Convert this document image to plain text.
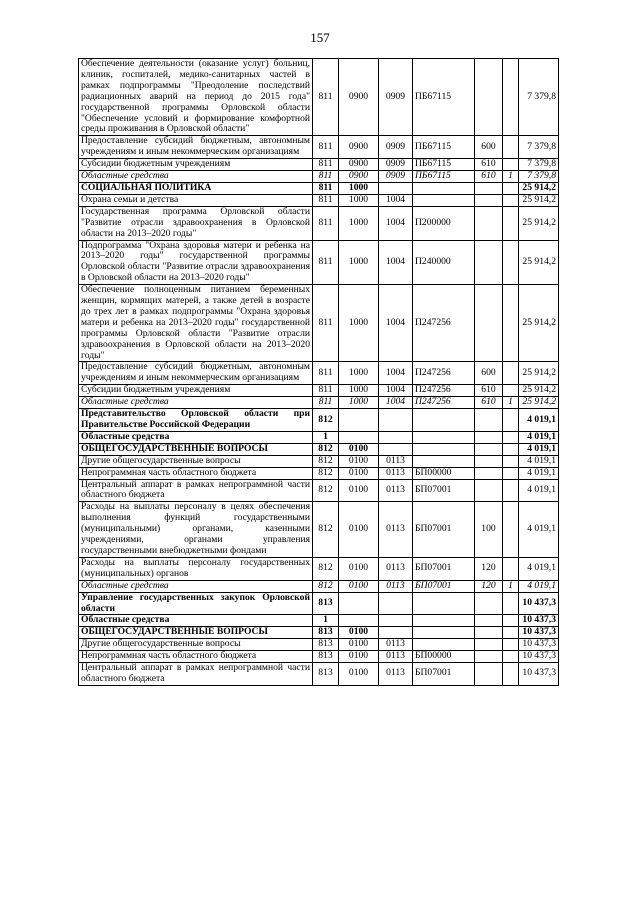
157
Обеспечение деятельности (оказание услуг) больниц, клиник, госпиталей, медико-санитарных частей в рамках подпрограммы "Преодоление последствий радиационных аварий на период до 2015 года" государственной программы Орловской области "Обеспечение условий и формирование комфортной среды проживания в Орловской области"	811	0900	0909	ПБ67115			7 379,8
Предоставление субсидий бюджетным, автономным учреждениям и иным некоммерческим организациям	811	0900	0909	ПБ67115	600		7 379,8
Субсидии бюджетным учреждениям	811	0900	0909	ПБ67115	610		7 379,8
Областные средства	811	0900	0909	ПБ67115	610	1	7 379,8
СОЦИАЛЬНАЯ ПОЛИТИКА	811	1000					25 914,2
Охрана семьи и детства	811	1000	1004				25 914,2
Государственная программа Орловской области "Развитие отрасли здравоохранения в Орловской области на 2013–2020 годы"	811	1000	1004	П200000			25 914,2
Подпрограмма "Охрана здоровья матери и ребенка на 2013–2020 годы" государственной программы Орловской области "Развитие отрасли здравоохранения в Орловской области на 2013–2020 годы"	811	1000	1004	П240000			25 914,2
Обеспечение полноценным питанием беременных женщин, кормящих матерей, а также детей в возрасте до трех лет в рамках подпрограммы "Охрана здоровья матери и ребенка на 2013–2020 годы" государственной программы Орловской области "Развитие отрасли здравоохранения в Орловской области на 2013–2020 годы"	811	1000	1004	П247256			25 914,2
Предоставление субсидий бюджетным, автономным учреждениям и иным некоммерческим организациям	811	1000	1004	П247256	600		25 914,2
Субсидии бюджетным учреждениям	811	1000	1004	П247256	610		25 914,2
Областные средства	811	1000	1004	П247256	610	1	25 914,2
Представительство Орловской области при Правительстве Российской Федерации	812						4 019,1
Областные средства	1						4 019,1
ОБЩЕГОСУДАРСТВЕННЫЕ ВОПРОСЫ	812	0100					4 019,1
Другие общегосударственные вопросы	812	0100	0113				4 019,1
Непрограммная часть областного бюджета	812	0100	0113	БП00000			4 019,1
Центральный аппарат в рамках непрограммной части областного бюджета	812	0100	0113	БП07001			4 019,1
Расходы на выплаты персоналу в целях обеспечения выполнения функций государственными (муниципальными) органами, казенными учреждениями, органами управления государственными внебюджетными фондами	812	0100	0113	БП07001	100		4 019,1
Расходы на выплаты персоналу государственных (муниципальных) органов	812	0100	0113	БП07001	120		4 019,1
Областные средства	812	0100	0113	БП07001	120	1	4 019,1
Управление государственных закупок Орловской области	813						10 437,3
Областные средства	1						10 437,3
ОБЩЕГОСУДАРСТВЕННЫЕ ВОПРОСЫ	813	0100					10 437,3
Другие общегосударственные вопросы	813	0100	0113				10 437,3
Непрограммная часть областного бюджета	813	0100	0113	БП00000			10 437,3
Центральный аппарат в рамках непрограммной части областного бюджета	813	0100	0113	БП07001			10 437,3
